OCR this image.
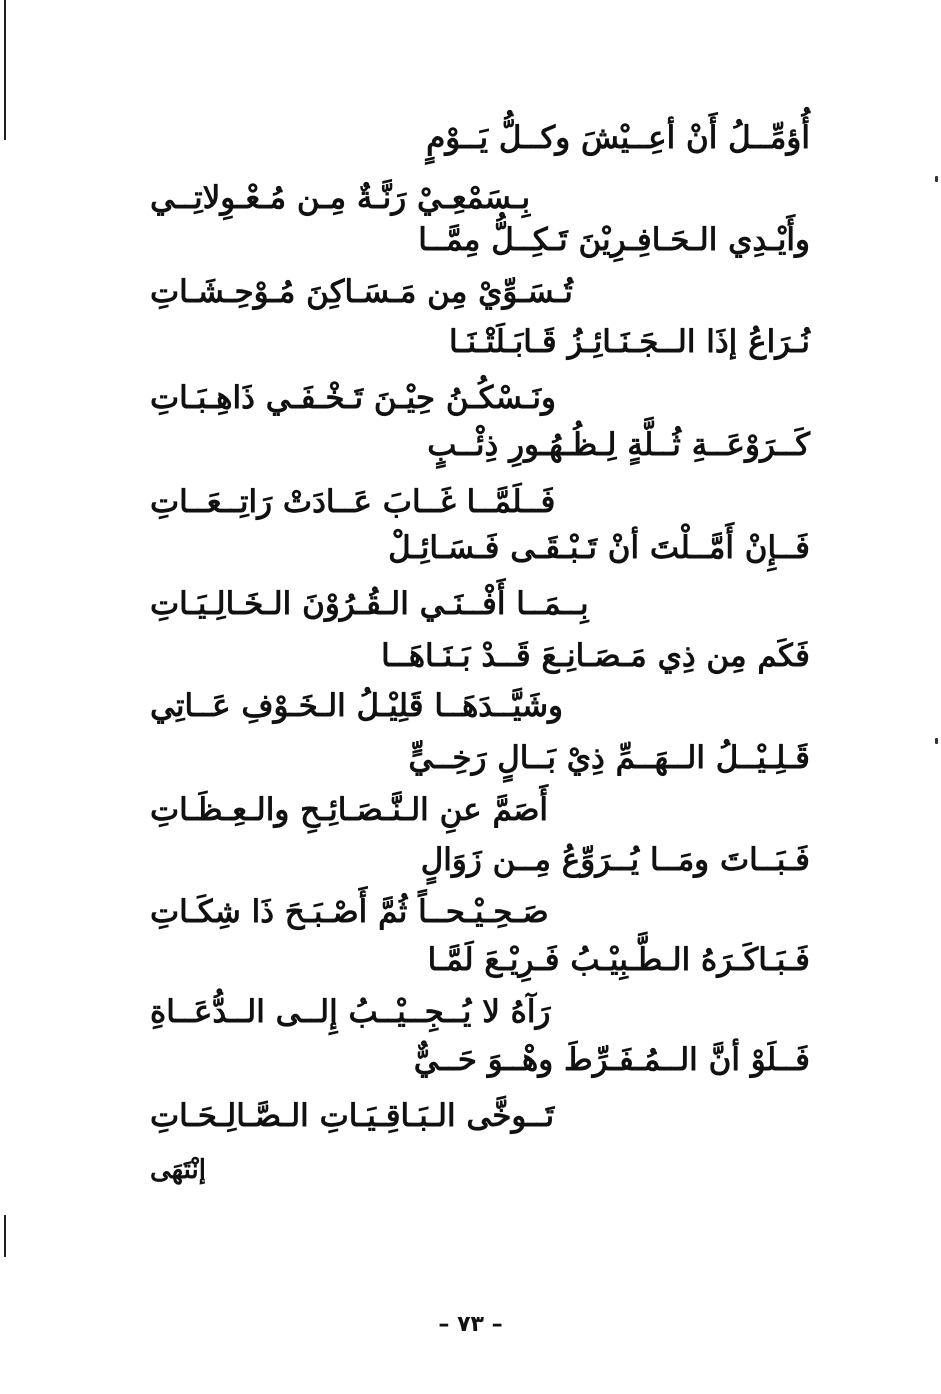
أُؤمِّــلُ أَنْ أعِــيْشَ وكــلُّ يَــوْمٍ
بِـسَمْعِـيْ رَنَّـةٌ مِـن مُـعْـوِلاتِــي
وأَيْـدِي الـحَـافِـرِيْنَ تَـكِــلُّ مِمَّــا
تُـسَـوِّيْ مِن مَـسَـاكِنَ مُـوْحِـشَـاتِ
نُـرَاعُ إذَا الــجَـنَـائِـزُ قَـابَـلَتْـنَـا
ونَـسْكُـنُ حِيْـنَ تَـخْـفَـي ذَاهِـبَـاتِ
كَــرَوْعَــةِ ثُــلَّةٍ لِـظُـهُـورِ ذِئْــبٍ
فَــلَمَّــا غَــابَ عَــادَتْ رَاتِــعَــاتِ
فَــإِنْ أَمَّــلْتَ أنْ تَـبْـقَـى فَـسَـائِـلْ
بِــمَــا أَفْــنَـي الـقُـرُوْنَ الـخَـالِـيَـاتِ
فَكَم مِن ذِي مَـصَـانِـعَ قَــدْ بَـنَـاهَــا
وشَيَّــدَهَــا قَلِيْـلُ الـخَـوْفِ عَــاتِي
قَـلِـيْــلُ الــهَــمِّ ذِيْ بَــالٍ رَخِــيٍّ
أَصَمَّ عنِ الـنَّـصَـائِـحِ والـعِـظَـاتِ
فَـبَــاتَ ومَــا يُــرَوِّعُ مِــن زَوَالٍ
صَـحِـيْـحــاً ثُمَّ أَصْـبَـحَ ذَا شِكَـاتِ
فَـبَـاكَـرَهُ الـطَّـبِيْـبُ فَـرِيْـعَ لَمَّـا
رَآهُ لا يُــجِــيْــبُ إِلــى الــدُّعَــاةِ
فَــلَوْ أنَّ الــمُـفَـرِّطَ وهْــوَ حَــيٌّ
تَــوخَّى الـبَـاقِـيَـاتِ الـصَّـالِـحَـاتِ
إنْتَهَى
– ٧٣ –
